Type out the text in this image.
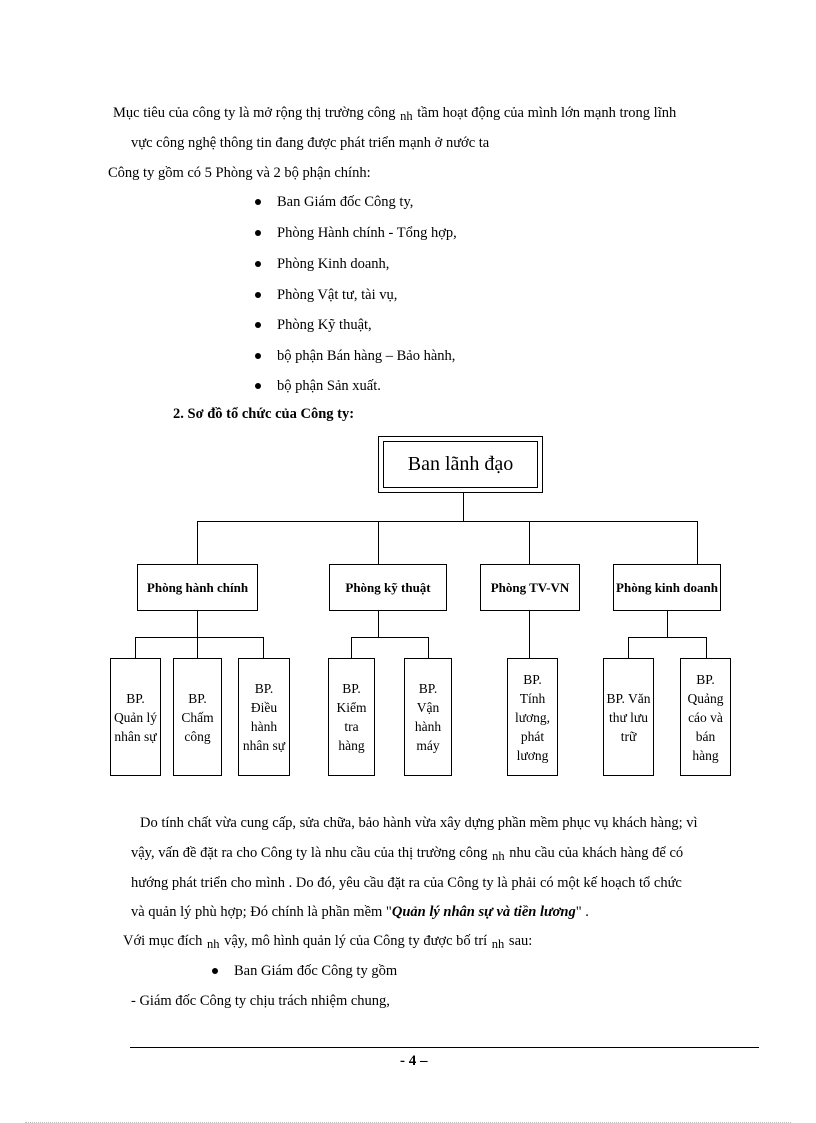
Mục tiêu của công ty là mở rộng thị trường công nh tầm hoạt động của mình lớn mạnh trong lĩnh
vực công nghệ thông tin đang được phát triển mạnh ở nước ta
Công ty gồm có 5 Phòng và 2 bộ phận chính:
Ban Giám đốc Công ty,
Phòng Hành chính - Tổng hợp,
Phòng Kinh doanh,
Phòng Vật tư, tài vụ,
Phòng Kỹ thuật,
bộ phận Bán hàng – Bảo hành,
bộ phận Sản xuất.
2. Sơ đồ tổ chức của Công ty:
Ban lãnh đạo
Phòng hành chính	Phòng kỹ thuật	Phòng TV-VN	Phòng kinh doanh
BP. Quản lý nhân sự
BP. Chấm công
BP. Điều hành nhân sự
BP. Kiểm tra hàng
BP. Vận hành máy
BP. Tính lương, phát lương
BP. Văn thư lưu trữ
BP. Quảng cáo và bán hàng
Do tính chất vừa cung cấp, sửa chữa, bảo hành vừa xây dựng phần mềm phục vụ khách hàng; vì
vậy, vấn đề đặt ra cho Công ty là nhu cầu của thị trường công nh nhu cầu của khách hàng để có
hướng phát triển cho mình . Do đó, yêu cầu đặt ra của Công ty là phải có một kế hoạch tổ chức
và quản lý phù hợp; Đó chính là phần mềm "Quản lý nhân sự và tiền lương" .
Với mục đích nh vậy, mô hình quản lý của Công ty được bố trí nh sau:
Ban Giám đốc Công ty gồm
- Giám đốc Công ty chịu trách nhiệm chung,
- 4 –
